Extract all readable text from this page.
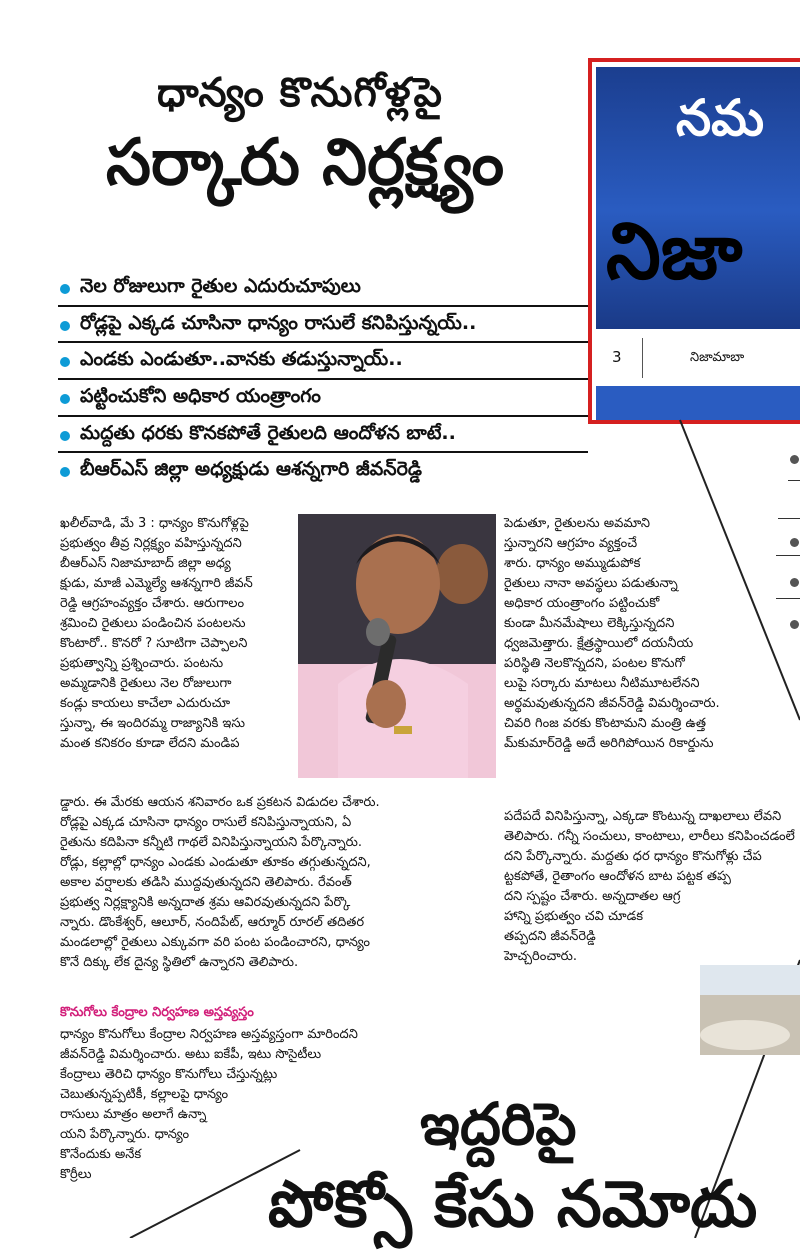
ధాన్యం కొనుగోళ్లపై
సర్కారు నిర్లక్ష్యం
నెల రోజులుగా రైతుల ఎదురుచూపులు
రోడ్లపై ఎక్కడ చూసినా ధాన్యం రాసులే కనిపిస్తున్నయ్..
ఎండకు ఎండుతూ..వానకు తడుస్తున్నాయ్..
పట్టించుకోని అధికార యంత్రాంగం
మద్దతు ధరకు కొనకపోతే రైతులది ఆందోళన బాటే..
బీఆర్ఎస్ జిల్లా అధ్యక్షుడు ఆశన్నగారి జీవన్‌రెడ్డి
ఖలీల్‌వాడి, మే 3 : ధాన్యం కొనుగోళ్లపై
ప్రభుత్వం తీవ్ర నిర్లక్ష్యం వహిస్తున్నదని
బీఆర్ఎస్ నిజామాబాద్ జిల్లా అధ్య
క్షుడు, మాజీ ఎమ్మెల్యే ఆశన్నగారి జీవన్
రెడ్డి ఆగ్రహంవ్యక్తం చేశారు. ఆరుగాలం
శ్రమించి రైతులు పండించిన పంటలను
కొంటారో.. కొనరో ? సూటిగా చెప్పాలని
ప్రభుత్వాన్ని ప్రశ్నించారు. పంటను
అమ్మడానికి రైతులు నెల రోజులుగా
కండ్లు కాయలు కాచేలా ఎదురుచూ
స్తున్నా, ఈ ఇందిరమ్మ రాజ్యానికి ఇసు
మంత కనికరం కూడా లేదని మండిప
పెడుతూ, రైతులను అవమాని
స్తున్నారని ఆగ్రహం వ్యక్తంచే
శారు. ధాన్యం అమ్ముడుపోక
రైతులు నానా అవస్థలు పడుతున్నా
అధికార యంత్రాంగం పట్టించుకో
కుండా మీనమేషాలు లెక్కిస్తున్నదని
ధ్వజమెత్తారు. క్షేత్రస్థాయిలో దయనీయ
పరిస్థితి నెలకొన్నదని, పంటల కొనుగో
లుపై సర్కారు మాటలు నీటిమూటలేనని
అర్థమవుతున్నదని జీవన్‌రెడ్డి విమర్శించారు.
చివరి గింజ వరకు కొంటామని మంత్రి ఉత్త
మ్‌కుమార్‌రెడ్డి అదే అరిగిపోయిన రికార్డును
డ్డారు. ఈ మేరకు ఆయన శనివారం ఒక ప్రకటన విడుదల చేశారు.
రోడ్లపై ఎక్కడ చూసినా ధాన్యం రాసులే కనిపిస్తున్నాయని, ఏ
రైతును కదిపినా కన్నీటి గాథలే వినిపిస్తున్నాయని పేర్కొన్నారు.
రోడ్లు, కల్లాల్లో ధాన్యం ఎండకు ఎండుతూ తూకం తగ్గుతున్నదని,
అకాల వర్షాలకు తడిసి ముద్దవుతున్నదని తెలిపారు. రేవంత్
ప్రభుత్వ నిర్లక్ష్యానికి అన్నదాత శ్రమ ఆవిరవుతున్నదని పేర్కొ
న్నారు. డొంకేశ్వర్, ఆలూర్, నందిపేట్, ఆర్మూర్ రూరల్ తదితర
మండలాల్లో రైతులు ఎక్కువగా వరి పంట పండించారని, ధాన్యం
కొనే దిక్కు లేక దైన్య స్థితిలో ఉన్నారని తెలిపారు.
పదేపదే వినిపిస్తున్నా, ఎక్కడా కొంటున్న దాఖలాలు లేవని
తెలిపారు. గన్నీ సంచులు, కాంటాలు, లారీలు కనిపించడంలే
దని పేర్కొన్నారు. మద్దతు ధర ధాన్యం కొనుగోళ్లు చేప
ట్టకపోతే, రైతాంగం ఆందోళన బాట పట్టక తప్ప
దని స్పష్టం చేశారు. అన్నదాతల ఆగ్ర
హాన్ని ప్రభుత్వం చవి చూడక
తప్పదని జీవన్‌రెడ్డి
హెచ్చరించారు.
కొనుగోలు కేంద్రాల నిర్వహణ అస్తవ్యస్తం
ధాన్యం కొనుగోలు కేంద్రాల నిర్వహణ అస్తవ్యస్తంగా మారిందని
జీవన్‌రెడ్డి విమర్శించారు. అటు ఐకేపీ, ఇటు సొసైటీలు
కేంద్రాలు తెరిచి ధాన్యం కొనుగోలు చేస్తున్నట్లు
చెబుతున్నప్పటికీ, కల్లాలపై ధాన్యం
రాసులు మాత్రం అలాగే ఉన్నా
యని పేర్కొన్నారు. ధాన్యం
కొనేందుకు అనేక
కొర్రీలు
నమ
నిజా
3	నిజామాబా
ఇద్దరిపై
పోక్సో కేసు నమోదు
